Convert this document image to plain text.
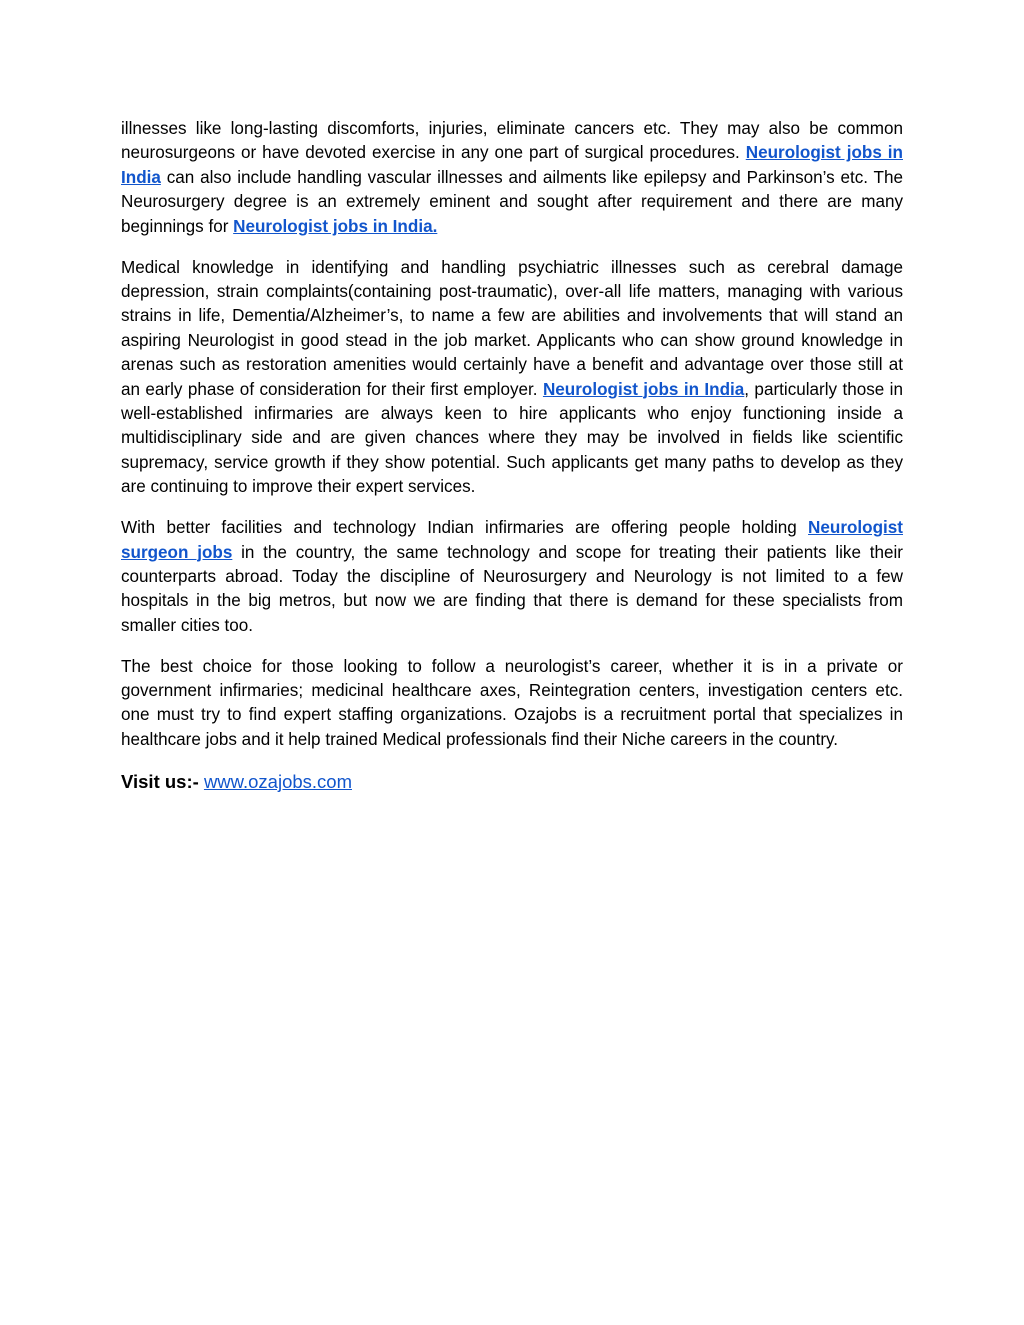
illnesses like long-lasting discomforts, injuries, eliminate cancers etc. They may also be common neurosurgeons or have devoted exercise in any one part of surgical procedures. Neurologist jobs in India can also include handling vascular illnesses and ailments like epilepsy and Parkinson’s etc. The Neurosurgery degree is an extremely eminent and sought after requirement and there are many beginnings for Neurologist jobs in India.

Medical knowledge in identifying and handling psychiatric illnesses such as cerebral damage depression, strain complaints(containing post-traumatic), over-all life matters, managing with various strains in life, Dementia/Alzheimer’s, to name a few are abilities and involvements that will stand an aspiring Neurologist in good stead in the job market. Applicants who can show ground knowledge in arenas such as restoration amenities would certainly have a benefit and advantage over those still at an early phase of consideration for their first employer. Neurologist jobs in India, particularly those in well-established infirmaries are always keen to hire applicants who enjoy functioning inside a multidisciplinary side and are given chances where they may be involved in fields like scientific supremacy, service growth if they show potential. Such applicants get many paths to develop as they are continuing to improve their expert services.

With better facilities and technology Indian infirmaries are offering people holding Neurologist surgeon jobs in the country, the same technology and scope for treating their patients like their counterparts abroad. Today the discipline of Neurosurgery and Neurology is not limited to a few hospitals in the big metros, but now we are finding that there is demand for these specialists from smaller cities too.

The best choice for those looking to follow a neurologist’s career, whether it is in a private or government infirmaries; medicinal healthcare axes, Reintegration centers, investigation centers etc. one must try to find expert staffing organizations. Ozajobs is a recruitment portal that specializes in healthcare jobs and it help trained Medical professionals find their Niche careers in the country.

Visit us:- www.ozajobs.com
